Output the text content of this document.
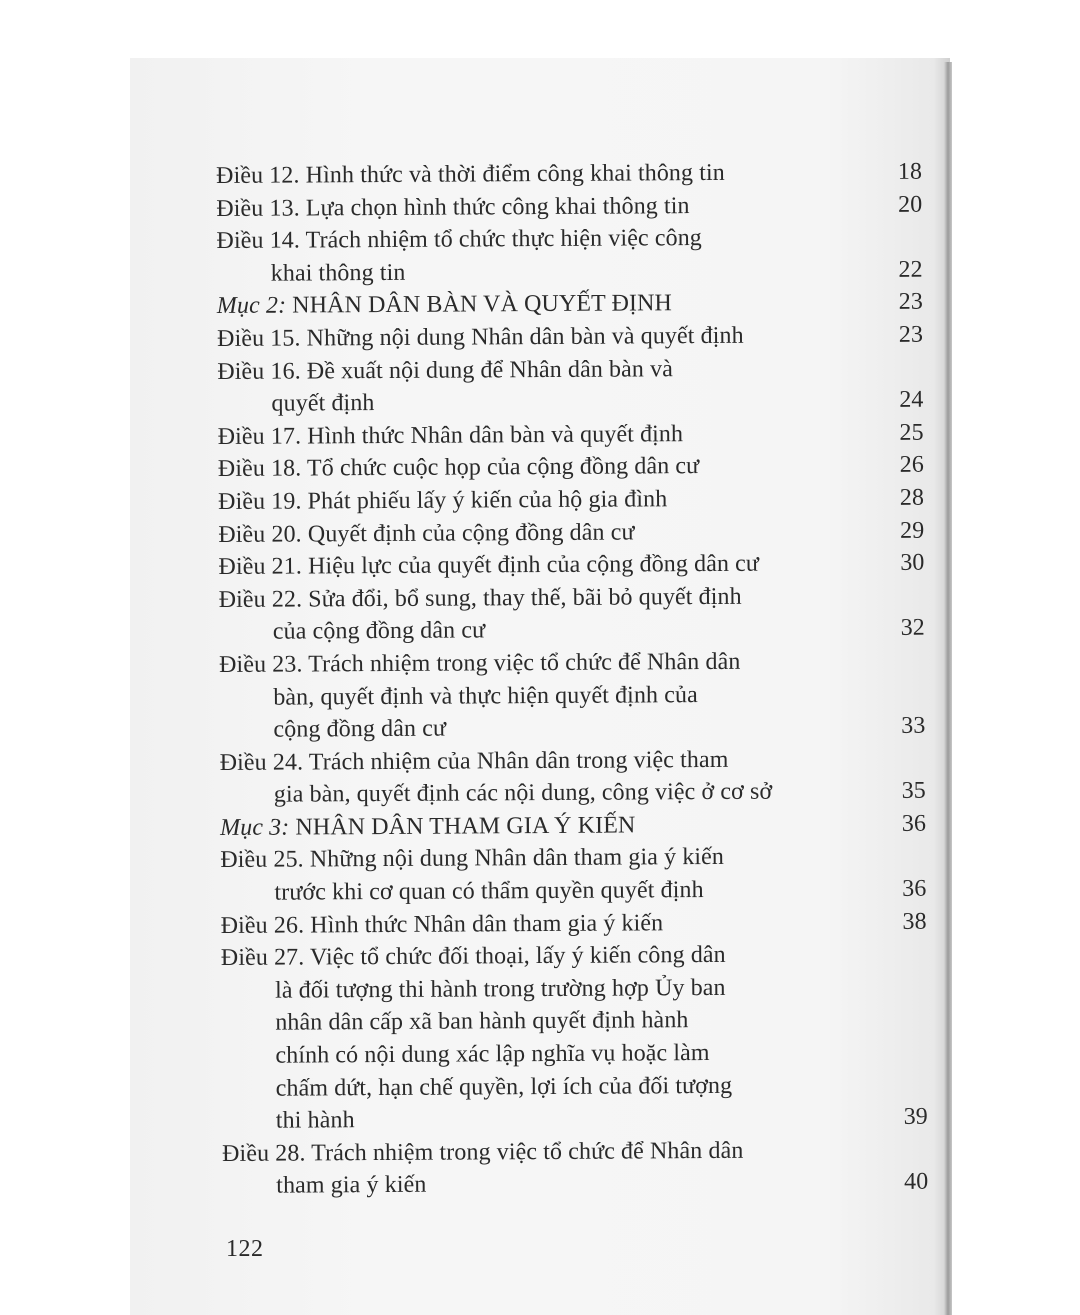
Điều 12. Hình thức và thời điểm công khai thông tin	18
Điều 13. Lựa chọn hình thức công khai thông tin	20
Điều 14. Trách nhiệm tổ chức thực hiện việc công
khai thông tin	22
Mục 2: NHÂN DÂN BÀN VÀ QUYẾT ĐỊNH	23
Điều 15. Những nội dung Nhân dân bàn và quyết định	23
Điều 16. Đề xuất nội dung để Nhân dân bàn và
quyết định	24
Điều 17. Hình thức Nhân dân bàn và quyết định	25
Điều 18. Tổ chức cuộc họp của cộng đồng dân cư	26
Điều 19. Phát phiếu lấy ý kiến của hộ gia đình	28
Điều 20. Quyết định của cộng đồng dân cư	29
Điều 21. Hiệu lực của quyết định của cộng đồng dân cư	30
Điều 22. Sửa đổi, bổ sung, thay thế, bãi bỏ quyết định
của cộng đồng dân cư	32
Điều 23. Trách nhiệm trong việc tổ chức để Nhân dân
bàn, quyết định và thực hiện quyết định của
cộng đồng dân cư	33
Điều 24. Trách nhiệm của Nhân dân trong việc tham
gia bàn, quyết định các nội dung, công việc ở cơ sở	35
Mục 3: NHÂN DÂN THAM GIA Ý KIẾN	36
Điều 25. Những nội dung Nhân dân tham gia ý kiến
trước khi cơ quan có thẩm quyền quyết định	36
Điều 26. Hình thức Nhân dân tham gia ý kiến	38
Điều 27. Việc tổ chức đối thoại, lấy ý kiến công dân
là đối tượng thi hành trong trường hợp Ủy ban
nhân dân cấp xã ban hành quyết định hành
chính có nội dung xác lập nghĩa vụ hoặc làm
chấm dứt, hạn chế quyền, lợi ích của đối tượng
thi hành	39
Điều 28. Trách nhiệm trong việc tổ chức để Nhân dân
tham gia ý kiến	40
122
